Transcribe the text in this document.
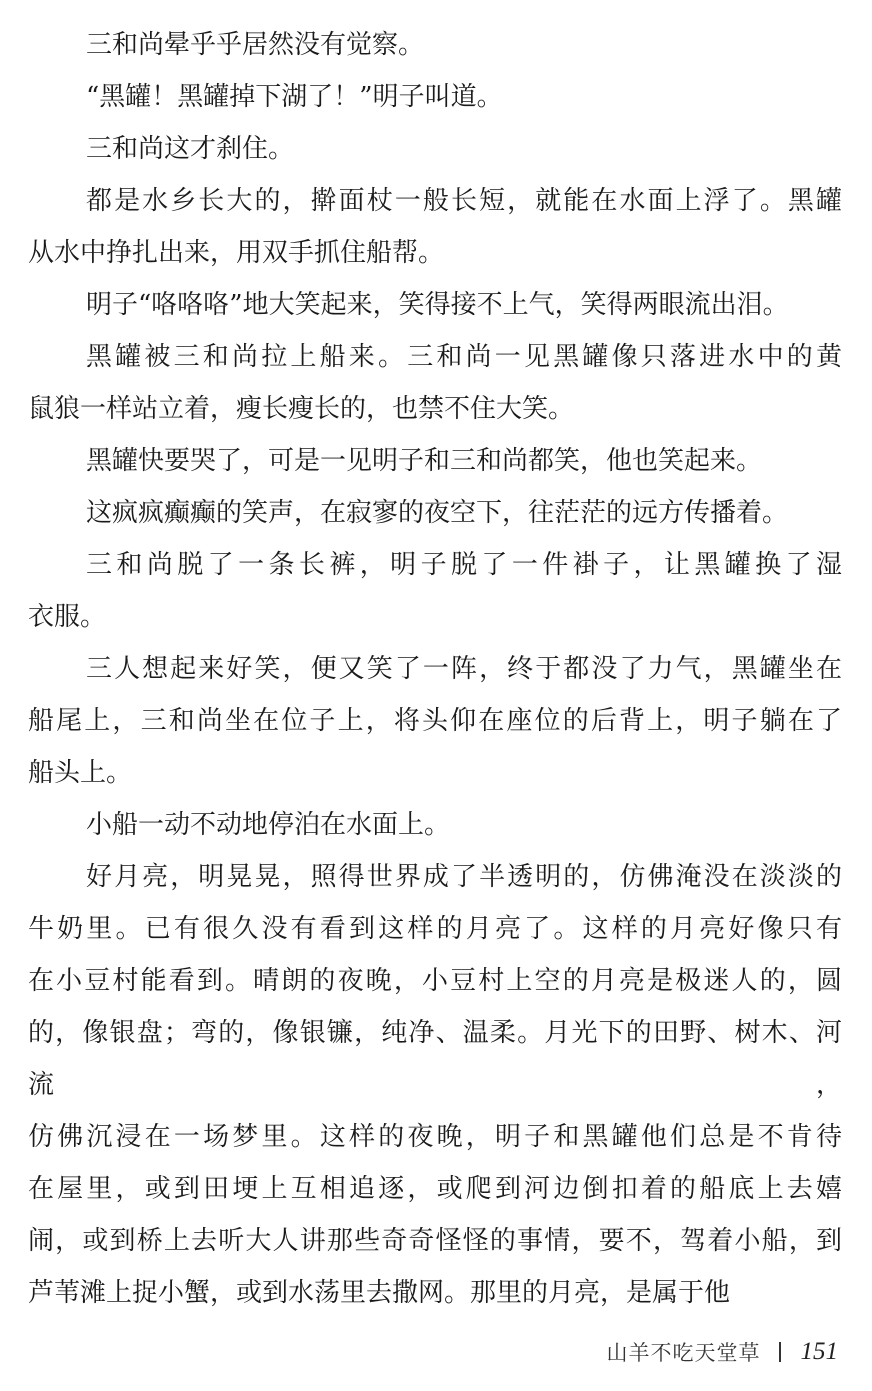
三和尚晕乎乎居然没有觉察。
“黑罐！黑罐掉下湖了！”明子叫道。
三和尚这才刹住。
都是水乡长大的，擀面杖一般长短，就能在水面上浮了。黑罐
从水中挣扎出来，用双手抓住船帮。
明子“咯咯咯”地大笑起来，笑得接不上气，笑得两眼流出泪。
黑罐被三和尚拉上船来。三和尚一见黑罐像只落进水中的黄
鼠狼一样站立着，瘦长瘦长的，也禁不住大笑。
黑罐快要哭了，可是一见明子和三和尚都笑，他也笑起来。
这疯疯癫癫的笑声，在寂寥的夜空下，往茫茫的远方传播着。
三和尚脱了一条长裤，明子脱了一件褂子，让黑罐换了湿
衣服。
三人想起来好笑，便又笑了一阵，终于都没了力气，黑罐坐在
船尾上，三和尚坐在位子上，将头仰在座位的后背上，明子躺在了
船头上。
小船一动不动地停泊在水面上。
好月亮，明晃晃，照得世界成了半透明的，仿佛淹没在淡淡的
牛奶里。已有很久没有看到这样的月亮了。这样的月亮好像只有
在小豆村能看到。晴朗的夜晚，小豆村上空的月亮是极迷人的，圆
的，像银盘；弯的，像银镰，纯净、温柔。月光下的田野、树木、河流，
仿佛沉浸在一场梦里。这样的夜晚，明子和黑罐他们总是不肯待
在屋里，或到田埂上互相追逐，或爬到河边倒扣着的船底上去嬉
闹，或到桥上去听大人讲那些奇奇怪怪的事情，要不，驾着小船，到
芦苇滩上捉小蟹，或到水荡里去撒网。那里的月亮，是属于他
山羊不吃天堂草 151
